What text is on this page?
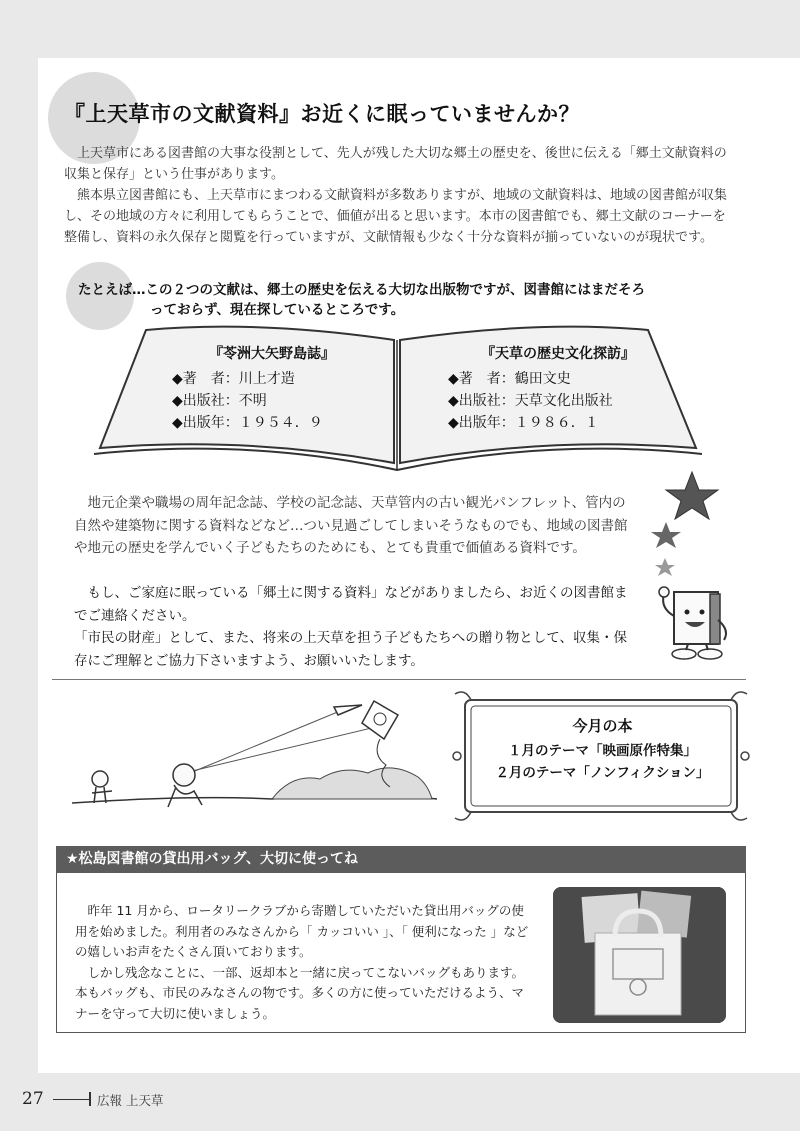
『上天草市の文献資料』お近くに眠っていませんか？

上天草市にある図書館の大事な役割として、先人が残した大切な郷土の歴史を、後世に伝える「郷土文献資料の収集と保存」という仕事があります。

熊本県立図書館にも、上天草市にまつわる文献資料が多数ありますが、地域の文献資料は、地域の図書館が収集し、その地域の方々に利用してもらうことで、価値が出ると思います。本市の図書館でも、郷土文献のコーナーを整備し、資料の永久保存と閲覧を行っていますが、文献情報も少なく十分な資料が揃っていないのが現状です。

たとえば…この２つの文献は、郷土の歴史を伝える大切な出版物ですが、図書館にはまだそろ
っておらず、現在探しているところです。
『苓洲大矢野島誌』
◆著　者：川上才造
◆出版社：不明
◆出版年：１９５４．９
『天草の歴史文化探訪』
◆著　者：鶴田文史
◆出版社：天草文化出版社
◆出版年：１９８６．１

地元企業や職場の周年記念誌、学校の記念誌、天草管内の古い観光パンフレット、管内の自然や建築物に関する資料などなど…つい見過ごしてしまいそうなものでも、地域の図書館や地元の歴史を学んでいく子どもたちのためにも、とても貴重で価値ある資料です。

もし、ご家庭に眠っている「郷土に関する資料」などがありましたら、お近くの図書館までご連絡ください。

「市民の財産」として、また、将来の上天草を担う子どもたちへの贈り物として、収集・保存にご理解とご協力下さいますよう、お願いいたします。

今月の本
１月のテーマ「映画原作特集」
２月のテーマ「ノンフィクション」
★松島図書館の貸出用バッグ、大切に使ってね

昨年 11 月から、ロータリークラブから寄贈していただいた貸出用バッグの使用を始めました。利用者のみなさんから「 カッコいい 」、「 便利になった 」などの嬉しいお声をたくさん頂いております。

しかし残念なことに、一部、返却本と一緒に戻ってこないバッグもあります。本もバッグも、市民のみなさんの物です。多くの方に使っていただけるよう、マナーを守って大切に使いましょう。

27	広報 上天草
